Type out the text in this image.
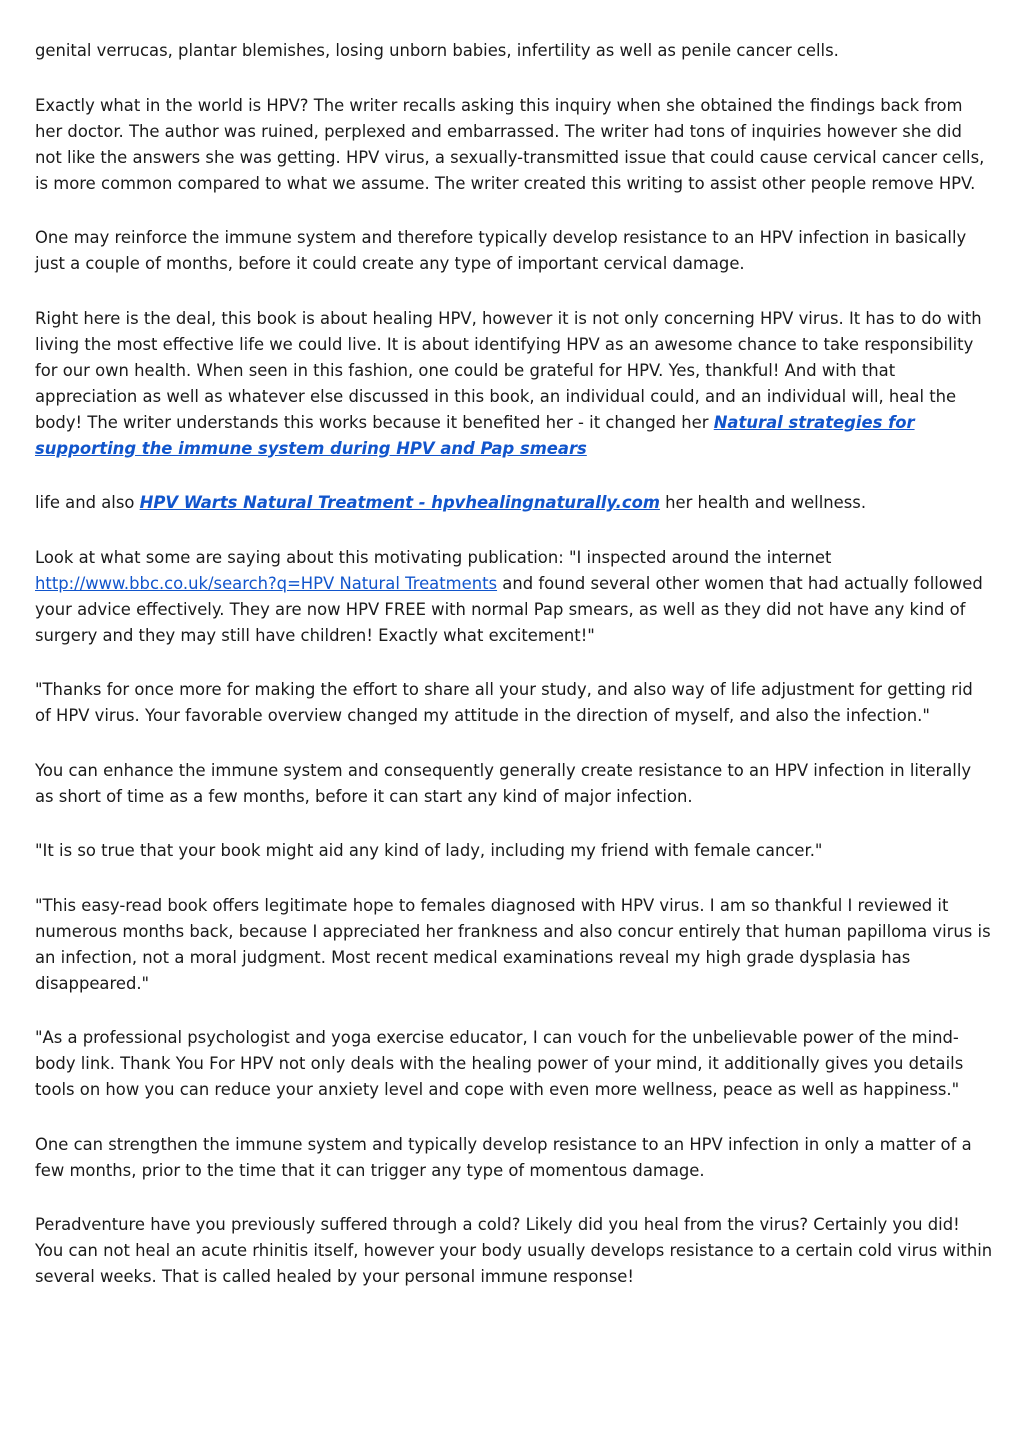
genital verrucas, plantar blemishes, losing unborn babies, infertility as well as penile cancer cells.

Exactly what in the world is HPV? The writer recalls asking this inquiry when she obtained the findings back from her doctor. The author was ruined, perplexed and embarrassed. The writer had tons of inquiries however she did not like the answers she was getting. HPV virus, a sexually-transmitted issue that could cause cervical cancer cells, is more common compared to what we assume. The writer created this writing to assist other people remove HPV.

One may reinforce the immune system and therefore typically develop resistance to an HPV infection in basically just a couple of months, before it could create any type of important cervical damage.

Right here is the deal, this book is about healing HPV, however it is not only concerning HPV virus. It has to do with living the most effective life we could live. It is about identifying HPV as an awesome chance to take responsibility for our own health. When seen in this fashion, one could be grateful for HPV. Yes, thankful! And with that appreciation as well as whatever else discussed in this book, an individual could, and an individual will, heal the body! The writer understands this works because it benefited her - it changed her Natural strategies for supporting the immune system during HPV and Pap smears

life and also HPV Warts Natural Treatment - hpvhealingnaturally.com her health and wellness.

Look at what some are saying about this motivating publication: "I inspected around the internet http://www.bbc.co.uk/search?q=HPV Natural Treatments and found several other women that had actually followed your advice effectively. They are now HPV FREE with normal Pap smears, as well as they did not have any kind of surgery and they may still have children! Exactly what excitement!"

"Thanks for once more for making the effort to share all your study, and also way of life adjustment for getting rid of HPV virus. Your favorable overview changed my attitude in the direction of myself, and also the infection."

You can enhance the immune system and consequently generally create resistance to an HPV infection in literally as short of time as a few months, before it can start any kind of major infection.

"It is so true that your book might aid any kind of lady, including my friend with female cancer."

"This easy-read book offers legitimate hope to females diagnosed with HPV virus. I am so thankful I reviewed it numerous months back, because I appreciated her frankness and also concur entirely that human papilloma virus is an infection, not a moral judgment. Most recent medical examinations reveal my high grade dysplasia has disappeared."

"As a professional psychologist and yoga exercise educator, I can vouch for the unbelievable power of the mind-body link. Thank You For HPV not only deals with the healing power of your mind, it additionally gives you details tools on how you can reduce your anxiety level and cope with even more wellness, peace as well as happiness."

One can strengthen the immune system and typically develop resistance to an HPV infection in only a matter of a few months, prior to the time that it can trigger any type of momentous damage.

Peradventure have you previously suffered through a cold? Likely did you heal from the virus? Certainly you did! You can not heal an acute rhinitis itself, however your body usually develops resistance to a certain cold virus within several weeks. That is called healed by your personal immune response!
